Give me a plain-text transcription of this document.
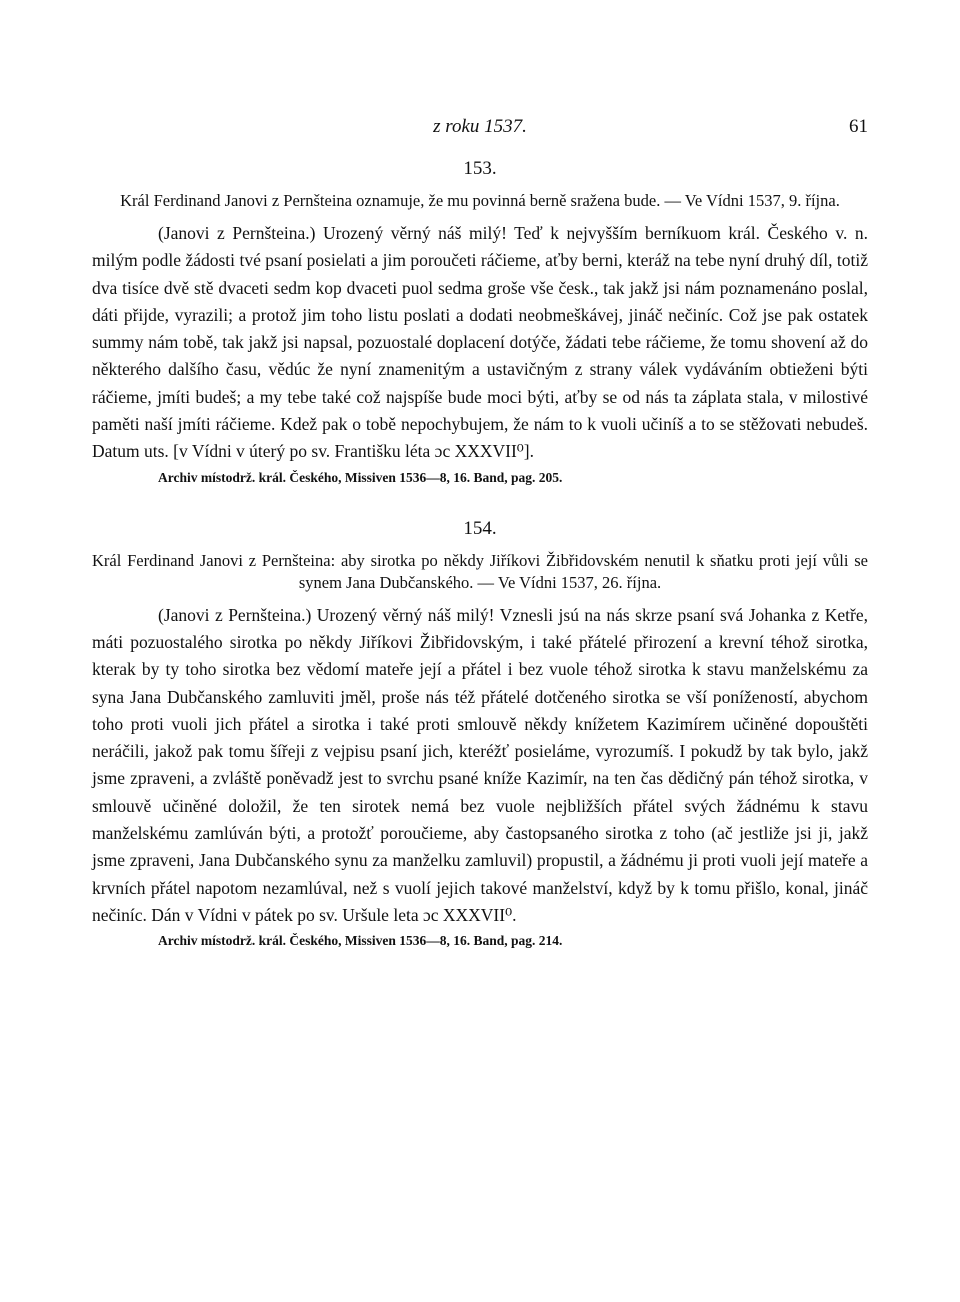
z roku 1537.	61
153.

Král Ferdinand Janovi z Pernšteina oznamuje, že mu povinná berně sražena bude. — Ve Vídni 1537, 9. října.

(Janovi z Pernšteina.) Urozený věrný náš milý! Teď k nejvyšším berníkuom král. Českého v. n. milým podle žádosti tvé psaní posielati a jim poroučeti ráčieme, aťby berni, kteráž na tebe nyní druhý díl, totiž dva tisíce dvě stě dvaceti sedm kop dvaceti puol sedma groše vše česk., tak jakž jsi nám poznamenáno poslal, dáti přijde, vyrazili; a protož jim toho listu poslati a dodati neobmeškávej, jináč nečiníc. Což jse pak ostatek summy nám tobě, tak jakž jsi napsal, pozuostalé doplacení dotýče, žádati tebe ráčieme, že tomu shovení až do některého dalšího času, vědúc že nyní znamenitým a ustavičným z strany válek vydáváním obtieženi býti ráčieme, jmíti budeš; a my tebe také což najspíše bude moci býti, aťby se od nás ta záplata stala, v milostivé paměti naší jmíti ráčieme. Kdež pak o tobě nepochybujem, že nám to k vuoli učiníš a to se stěžovati nebudeš. Datum uts. [v Vídni v úterý po sv. Františku léta ɔc XXXVII⁰].

Archiv místodrž. král. Českého, Missiven 1536—8, 16. Band, pag. 205.

154.

Král Ferdinand Janovi z Pernšteina: aby sirotka po někdy Jiříkovi Žibřidovském nenutil k sňatku proti její vůli se synem Jana Dubčanského. — Ve Vídni 1537, 26. října.

(Janovi z Pernšteina.) Urozený věrný náš milý! Vznesli jsú na nás skrze psaní svá Johanka z Ketře, máti pozuostalého sirotka po někdy Jiříkovi Žibřidovským, i také přátelé přirození a krevní téhož sirotka, kterak by ty toho sirotka bez vědomí mateře její a přátel i bez vuole téhož sirotka k stavu manželskému za syna Jana Dubčanského zamluviti jměl, proše nás též přátelé dotčeného sirotka se vší ponížeností, abychom toho proti vuoli jich přátel a sirotka i také proti smlouvě někdy knížetem Kazimírem učiněné dopouštěti neráčili, jakož pak tomu šířeji z vejpisu psaní jich, kteréžť posieláme, vyrozumíš. I pokudž by tak bylo, jakž jsme zpraveni, a zvláště poněvadž jest to svrchu psané kníže Kazimír, na ten čas dědičný pán téhož sirotka, v smlouvě učiněné doložil, že ten sirotek nemá bez vuole nejbližších přátel svých žádnému k stavu manželskému zamlúván býti, a protožť poroučieme, aby častopsaného sirotka z toho (ač jestliže jsi ji, jakž jsme zpraveni, Jana Dubčanského synu za manželku zamluvil) propustil, a žádnému ji proti vuoli její mateře a krvních přátel napotom nezamlúval, než s vuolí jejich takové manželství, když by k tomu přišlo, konal, jináč nečiníc. Dán v Vídni v pátek po sv. Uršule leta ɔc XXXVII⁰.

Archiv místodrž. král. Českého, Missiven 1536—8, 16. Band, pag. 214.
